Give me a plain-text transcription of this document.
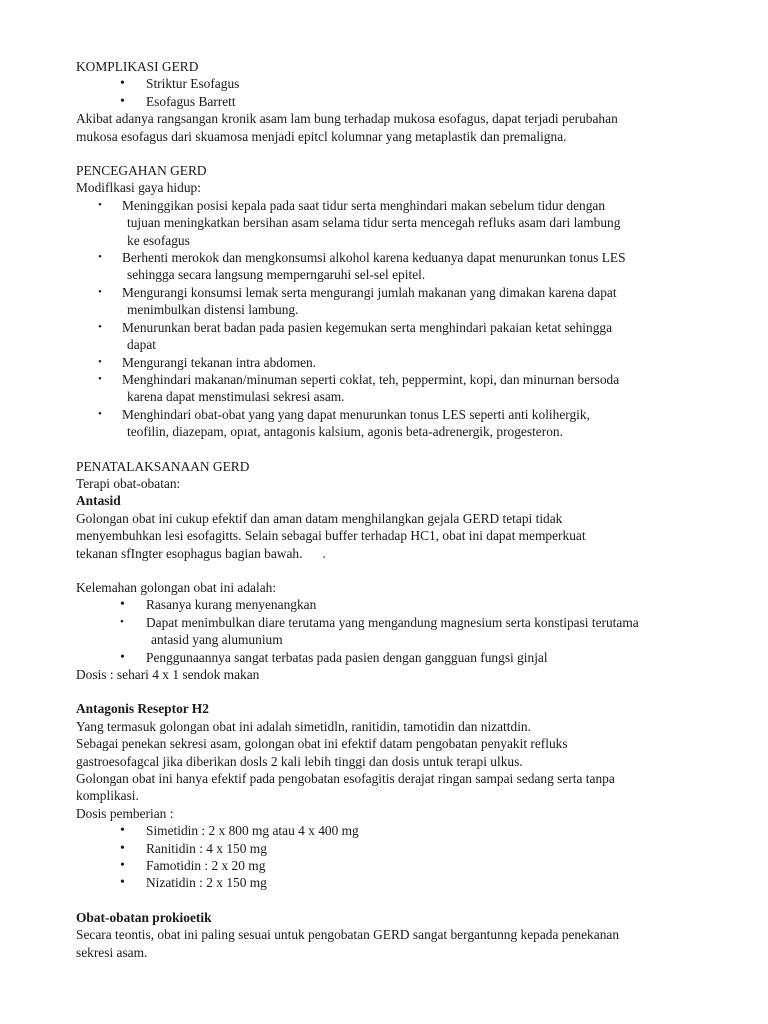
KOMPLIKASI GERD
• Striktur Esofagus
• Esofagus Barrett
Akibat adanya rangsangan kronik asam lam bung terhadap mukosa esofagus, dapat terjadi perubahan
mukosa esofagus dari skuamosa menjadi epitcl kolumnar yang metaplastik dan premaligna.
PENCEGAHAN GERD
Modiflkasi gaya hidup:
• Meninggikan posisi kepala pada saat tidur serta menghindari makan sebelum tidur dengan
tujuan meningkatkan bersihan asam selama tidur serta mencegah refluks asam dari lambung
ke esofagus
• Berhenti merokok dan mengkonsumsi alkohol karena keduanya dapat menurunkan tonus LES
sehingga secara langsung memperngaruhi sel-sel epitel.
• Mengurangi konsumsi lemak serta mengurangi jumlah makanan yang dimakan karena dapat
menimbulkan distensi lambung.
• Menurunkan berat badan pada pasien kegemukan serta menghindari pakaian ketat sehingga
dapat
• Mengurangi tekanan intra abdomen.
• Menghindari makanan/minuman seperti coklat, teh, peppermint, kopi, dan minurnan bersoda
karena dapat menstimulasi sekresi asam.
• Menghindari obat-obat yang yang dapat menurunkan tonus LES seperti anti kolihergik,
teofilin, diazepam, opıat, antagonis kalsium, agonis beta-adrenergik, progesteron.
PENATALAKSANAAN GERD
Terapi obat-obatan:
Antasid
Golongan obat ini cukup efektif dan aman datam menghilangkan gejala GERD tetapi tidak
menyembuhkan lesi esofagitts. Selain sebagai buffer terhadap HC1, obat ini dapat memperkuat
tekanan sfIngter esophagus bagian bawah.      .
Kelemahan golongan obat ini adalah:
• Rasanya kurang menyenangkan
• Dapat menimbulkan diare terutama yang mengandung magnesium serta konstipasi terutama
antasid yang alumunium
• Penggunaannya sangat terbatas pada pasien dengan gangguan fungsi ginjal
Dosis : sehari 4 x 1 sendok makan
Antagonis Reseptor H2
Yang termasuk golongan obat ini adalah simetidln, ranitidin, tamotidin dan nizattdin.
Sebagai penekan sekresi asam, golongan obat ini efektif datam pengobatan penyakit refluks
gastroesofagcal jika diberikan dosls 2 kali lebih tinggi dan dosis untuk terapi ulkus.
Golongan obat ini hanya efektif pada pengobatan esofagitis derajat ringan sampai sedang serta tanpa
komplikasi.
Dosis pemberian :
• Simetidin : 2 x 800 mg atau 4 x 400 mg
• Ranitidin : 4 x 150 mg
• Famotidin : 2 x 20 mg
• Nizatidin : 2 x 150 mg
Obat-obatan prokioetik
Secara teontis, obat ini paling sesuai untuk pengobatan GERD sangat bergantunng kepada penekanan
sekresi asam.
